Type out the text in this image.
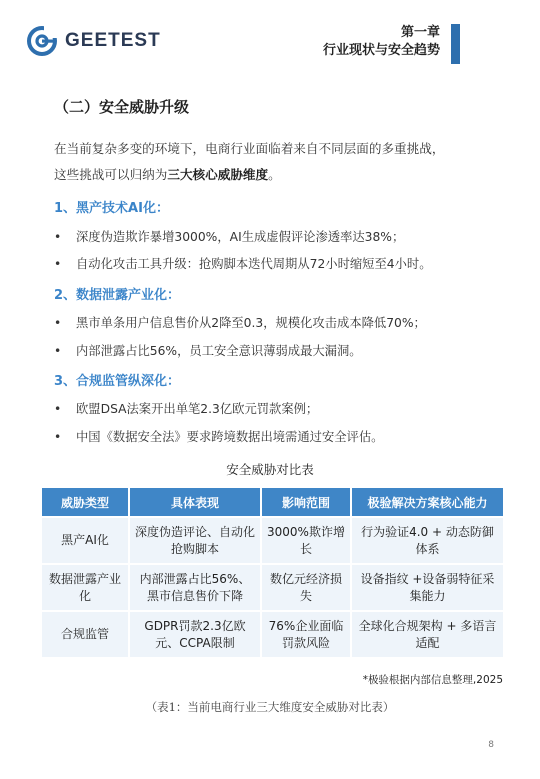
GEETEST	第一章
行业现状与安全趋势
（二）安全威胁升级
在当前复杂多变的环境下，电商行业面临着来自不同层面的多重挑战，
这些挑战可以归纳为三大核心威胁维度。
1、黑产技术AI化：
• 深度伪造欺诈暴增3000%，AI生成虚假评论渗透率达38%；
• 自动化攻击工具升级：抢购脚本迭代周期从72小时缩短至4小时。
2、数据泄露产业化：
• 黑市单条用户信息售价从2降至0.3，规模化攻击成本降低70%；
• 内部泄露占比56%，员工安全意识薄弱成最大漏洞。
3、合规监管纵深化：
• 欧盟DSA法案开出单笔2.3亿欧元罚款案例；
• 中国《数据安全法》要求跨境数据出境需通过安全评估。
安全威胁对比表
威胁类型	具体表现	影响范围	极验解决方案核心能力
黑产AI化	深度伪造评论、自动化抢购脚本	3000%欺诈增长	行为验证4.0 + 动态防御体系
数据泄露产业化	内部泄露占比56%、黑市信息售价下降	数亿元经济损失	设备指纹 +设备弱特征采集能力
合规监管	GDPR罚款2.3亿欧元、CCPA限制	76%企业面临罚款风险	全球化合规架构 + 多语言适配
*极验根据内部信息整理,2025
（表1：当前电商行业三大维度安全威胁对比表）
8
